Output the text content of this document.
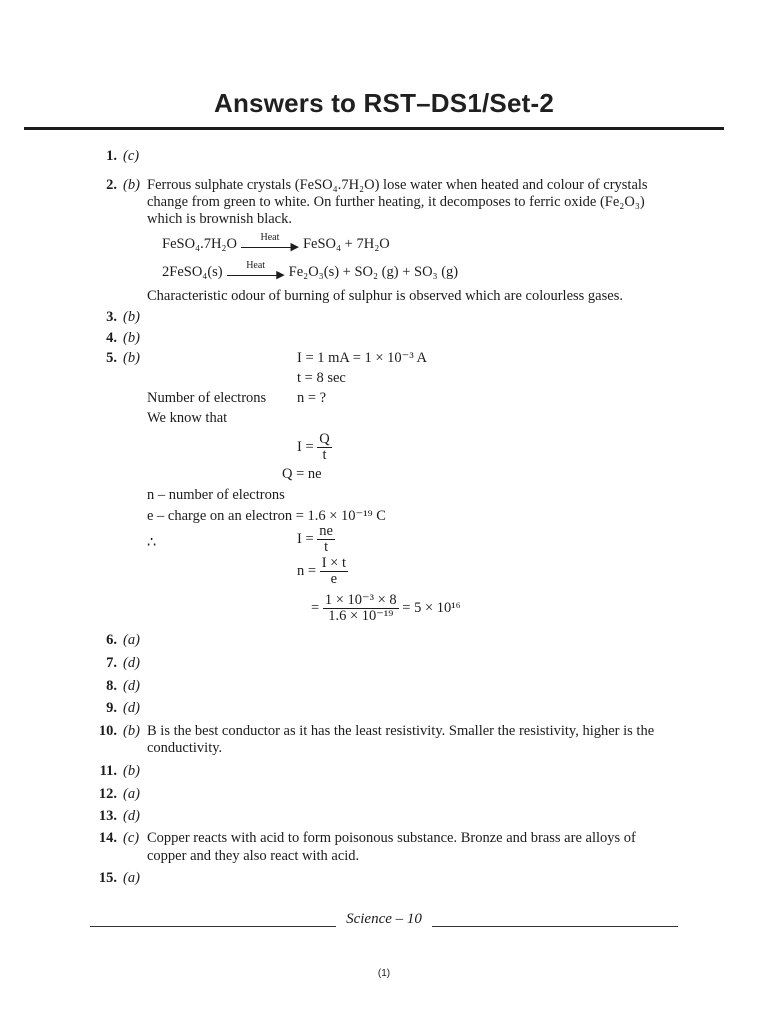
Answers to RST–DS1/Set-2
1. (c)
2. (b) Ferrous sulphate crystals (FeSO₄.7H₂O) lose water when heated and colour of crystals
change from green to white. On further heating, it decomposes to ferric oxide (Fe₂O₃)
which is brownish black.
FeSO₄.7H₂O	Heat
▶ FeSO₄ + 7H₂O
2FeSO₄(s)	Heat
▶ Fe₂O₃(s) + SO₂ (g) + SO₃ (g)
Characteristic odour of burning of sulphur is observed which are colourless gases.
3. (b)
4. (b)
5. (b)	I = 1 mA = 1 × 10⁻³ A
t = 8 sec
Number of electrons n = ?
We know that
$I = \frac{Q}{t}$
Q = ne
n – number of electrons
e – charge on an electron = 1.6 × 10⁻¹⁹ C
∴	$I = \frac{ne}{t}$
$n = \frac{I \times t}{e}$
= $\frac{\text{1 × 10⁻³ × 8}}{\text{1.6 × 10⁻¹⁹}} = 5 \times 10^{16}$
6. (a)
7. (d)
8. (d)
9. (d)
10. (b) B is the best conductor as it has the least resistivity. Smaller the resistivity, higher is the
conductivity.
11. (b)
12. (a)
13. (d)
14. (c) Copper reacts with acid to form poisonous substance. Bronze and brass are alloys of
copper and they also react with acid.
15. (a)
Science – 10
(1)
